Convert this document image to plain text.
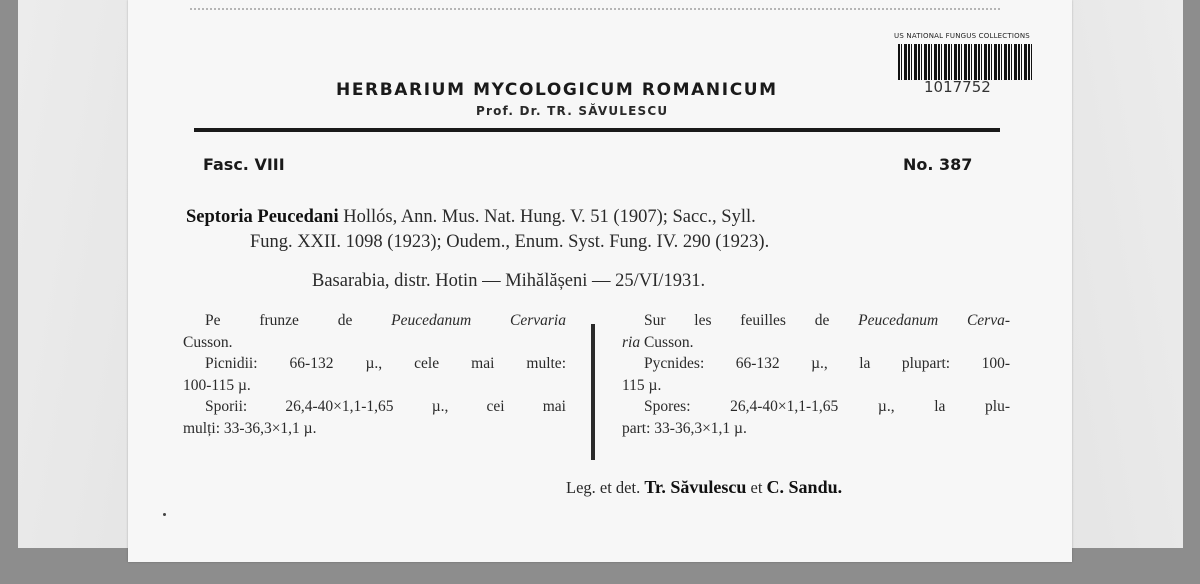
US NATIONAL FUNGUS COLLECTIONS
1017752
HERBARIUM MYCOLOGICUM ROMANICUM
Prof. Dr. TR. SĂVULESCU
Fasc. VIII	No. 387
Septoria Peucedani Hollós, Ann. Mus. Nat. Hung. V. 51 (1907); Sacc., Syll.
Fung. XXII. 1098 (1923); Oudem., Enum. Syst. Fung. IV. 290 (1923).
Basarabia, distr. Hotin — Mihălășeni — 25/VI/1931.

Pe frunze de Peucedanum Cervaria

Cusson.

Picnidii: 66-132 µ., cele mai multe:

100-115 µ.

Sporii: 26,4-40×1,1-1,65 µ., cei mai

mulți: 33-36,3×1,1 µ.

Sur les feuilles de Peucedanum Cerva-

ria Cusson.

Pycnides: 66-132 µ., la plupart: 100-

115 µ.

Spores: 26,4-40×1,1-1,65 µ., la plu-

part: 33-36,3×1,1 µ.

Leg. et det. Tr. Săvulescu et C. Sandu.
